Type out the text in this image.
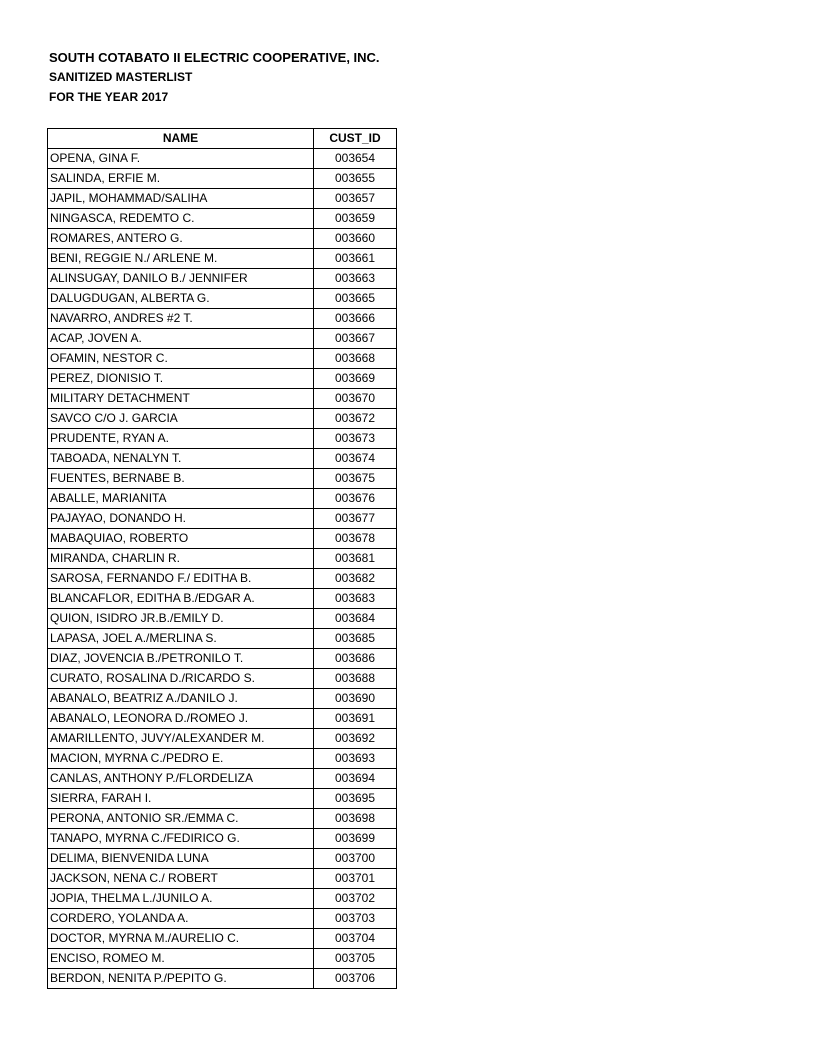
SOUTH COTABATO II ELECTRIC COOPERATIVE, INC.
SANITIZED MASTERLIST
FOR THE YEAR 2017
NAME	CUST_ID
OPENA, GINA F.	003654
SALINDA, ERFIE M.	003655
JAPIL, MOHAMMAD/SALIHA	003657
NINGASCA, REDEMTO C.	003659
ROMARES, ANTERO G.	003660
BENI, REGGIE N./ ARLENE M.	003661
ALINSUGAY, DANILO B./ JENNIFER	003663
DALUGDUGAN, ALBERTA G.	003665
NAVARRO, ANDRES #2 T.	003666
ACAP, JOVEN A.	003667
OFAMIN, NESTOR C.	003668
PEREZ, DIONISIO T.	003669
MILITARY DETACHMENT	003670
SAVCO C/O J. GARCIA	003672
PRUDENTE, RYAN A.	003673
TABOADA, NENALYN T.	003674
FUENTES, BERNABE B.	003675
ABALLE, MARIANITA	003676
PAJAYAO, DONANDO H.	003677
MABAQUIAO, ROBERTO	003678
MIRANDA, CHARLIN R.	003681
SAROSA, FERNANDO F./ EDITHA B.	003682
BLANCAFLOR, EDITHA B./EDGAR A.	003683
QUION, ISIDRO JR.B./EMILY D.	003684
LAPASA, JOEL A./MERLINA S.	003685
DIAZ, JOVENCIA B./PETRONILO T.	003686
CURATO, ROSALINA D./RICARDO S.	003688
ABANALO, BEATRIZ A./DANILO J.	003690
ABANALO, LEONORA D./ROMEO J.	003691
AMARILLENTO, JUVY/ALEXANDER M.	003692
MACION, MYRNA C./PEDRO E.	003693
CANLAS, ANTHONY P./FLORDELIZA	003694
SIERRA, FARAH I.	003695
PERONA, ANTONIO SR./EMMA C.	003698
TANAPO, MYRNA C./FEDIRICO G.	003699
DELIMA, BIENVENIDA LUNA	003700
JACKSON, NENA C./ ROBERT	003701
JOPIA, THELMA L./JUNILO A.	003702
CORDERO, YOLANDA A.	003703
DOCTOR, MYRNA M./AURELIO C.	003704
ENCISO, ROMEO M.	003705
BERDON, NENITA P./PEPITO G.	003706
